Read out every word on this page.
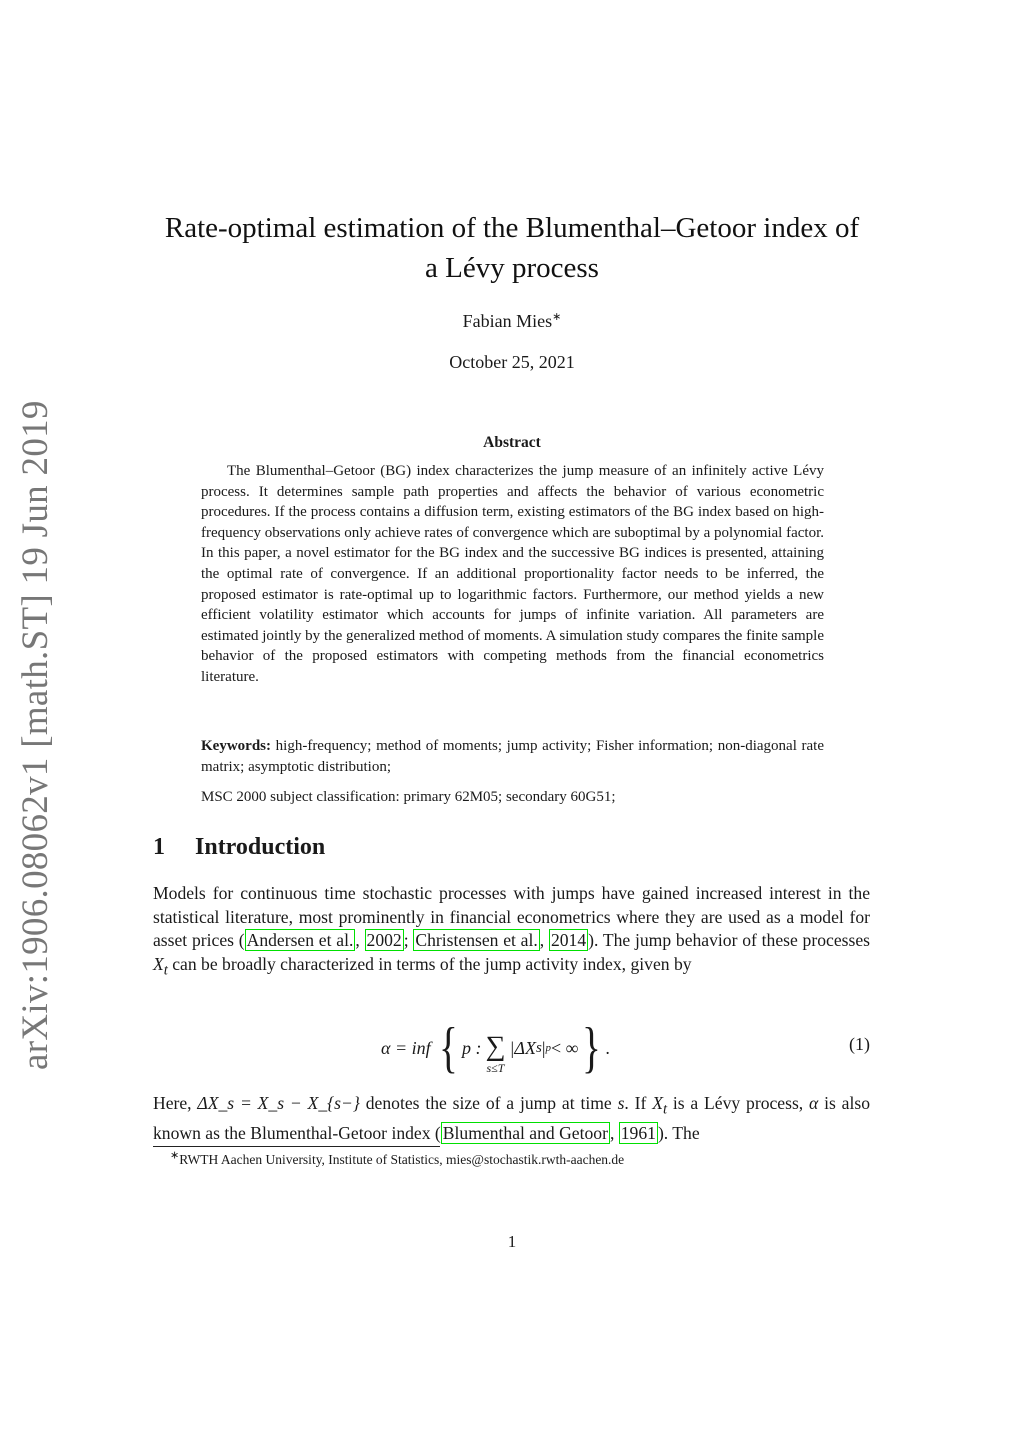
arXiv:1906.08062v1 [math.ST] 19 Jun 2019
Rate-optimal estimation of the Blumenthal–Getoor index of
a Lévy process
Fabian Mies∗
October 25, 2021
Abstract

The Blumenthal–Getoor (BG) index characterizes the jump measure of an infinitely active Lévy process. It determines sample path properties and affects the behavior of various econometric procedures. If the process contains a diffusion term, existing estimators of the BG index based on high-frequency observations only achieve rates of convergence which are suboptimal by a polynomial factor. In this paper, a novel estimator for the BG index and the successive BG indices is presented, attaining the optimal rate of convergence. If an additional proportionality factor needs to be inferred, the proposed estimator is rate-optimal up to logarithmic factors. Furthermore, our method yields a new efficient volatility estimator which accounts for jumps of infinite variation. All parameters are estimated jointly by the generalized method of moments. A simulation study compares the finite sample behavior of the proposed estimators with competing methods from the financial econometrics literature.

Keywords: high-frequency; method of moments; jump activity; Fisher information; non-diagonal rate matrix; asymptotic distribution;

MSC 2000 subject classification: primary 62M05; secondary 60G51;

1 Introduction

Models for continuous time stochastic processes with jumps have gained increased interest in the statistical literature, most prominently in financial econometrics where they are used as a model for asset prices ( Andersen et al. , 2002 ; Christensen et al. , 2014 ). The jump behavior of these processes $X_t$ can be broadly characterized in terms of the jump activity index, given by

α = inf
{ p : ∑
s≤T
|ΔX s | p < ∞ } .	(1)

Here, ΔX_s = X_s − X_{s−} denotes the size of a jump at time s. If $X_t$ is a Lévy process, α is also known as the Blumenthal-Getoor index ( Blumenthal and Getoor , 1961 ). The

∗RWTH Aachen University, Institute of Statistics, mies@stochastik.rwth-aachen.de
1
